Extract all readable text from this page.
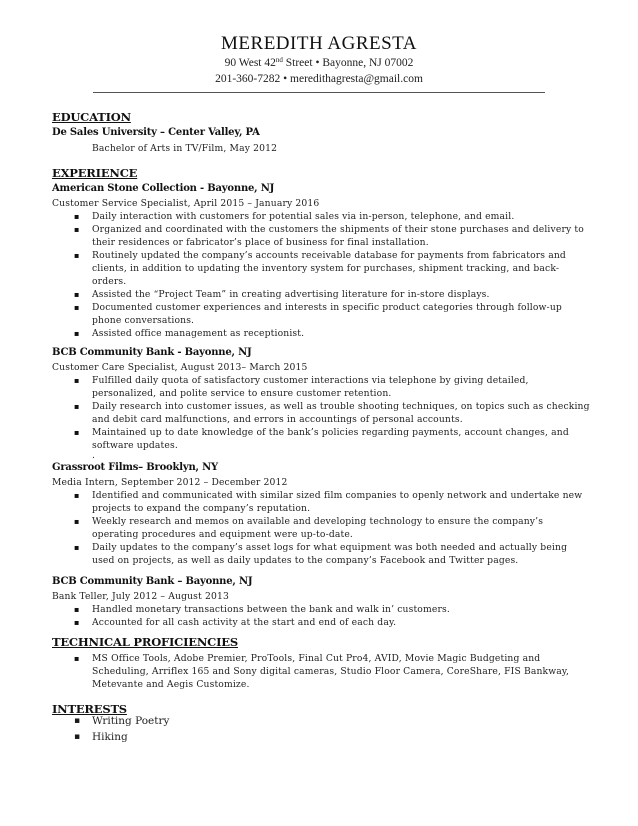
MEREDITH AGRESTA
90 West 42nd Street • Bayonne, NJ 07002
201-360-7282 • meredithagresta@gmail.com
EDUCATION
De Sales University – Center Valley, PA
Bachelor of Arts in TV/Film, May 2012
EXPERIENCE
American Stone Collection - Bayonne, NJ
Customer Service Specialist, April 2015 – January 2016
▪
Daily interaction with customers for potential sales via in-person, telephone, and email.
▪
Organized and coordinated with the customers the shipments of their stone purchases and delivery to
their residences or fabricator’s place of business for final installation.
▪
Routinely updated the company’s accounts receivable database for payments from fabricators and
clients, in addition to updating the inventory system for purchases, shipment tracking, and back-
orders.
▪
Assisted the “Project Team” in creating advertising literature for in-store displays.
▪
Documented customer experiences and interests in specific product categories through follow-up
phone conversations.
▪
Assisted office management as receptionist.
BCB Community Bank - Bayonne, NJ
Customer Care Specialist, August 2013– March 2015
▪
Fulfilled daily quota of satisfactory customer interactions via telephone by giving detailed,
personalized, and polite service to ensure customer retention.
▪
Daily research into customer issues, as well as trouble shooting techniques, on topics such as checking
and debit card malfunctions, and errors in accountings of personal accounts.
▪
Maintained up to date knowledge of the bank’s policies regarding payments, account changes, and
software updates.
.
Grassroot Films– Brooklyn, NY
Media Intern, September 2012 – December 2012
▪
Identified and communicated with similar sized film companies to openly network and undertake new
projects to expand the company’s reputation.
▪
Weekly research and memos on available and developing technology to ensure the company’s
operating procedures and equipment were up-to-date.
▪
Daily updates to the company’s asset logs for what equipment was both needed and actually being
used on projects, as well as daily updates to the company’s Facebook and Twitter pages.
BCB Community Bank – Bayonne, NJ
Bank Teller, July 2012 – August 2013
▪
Handled monetary transactions between the bank and walk in’ customers.
▪
Accounted for all cash activity at the start and end of each day.
TECHNICAL PROFICIENCIES
▪
MS Office Tools, Adobe Premier, ProTools, Final Cut Pro4, AVID, Movie Magic Budgeting and
Scheduling, Arriflex 165 and Sony digital cameras, Studio Floor Camera, CoreShare, FIS Bankway,
Metevante and Aegis Customize.
INTERESTS
▪
Writing Poetry
▪
Hiking
